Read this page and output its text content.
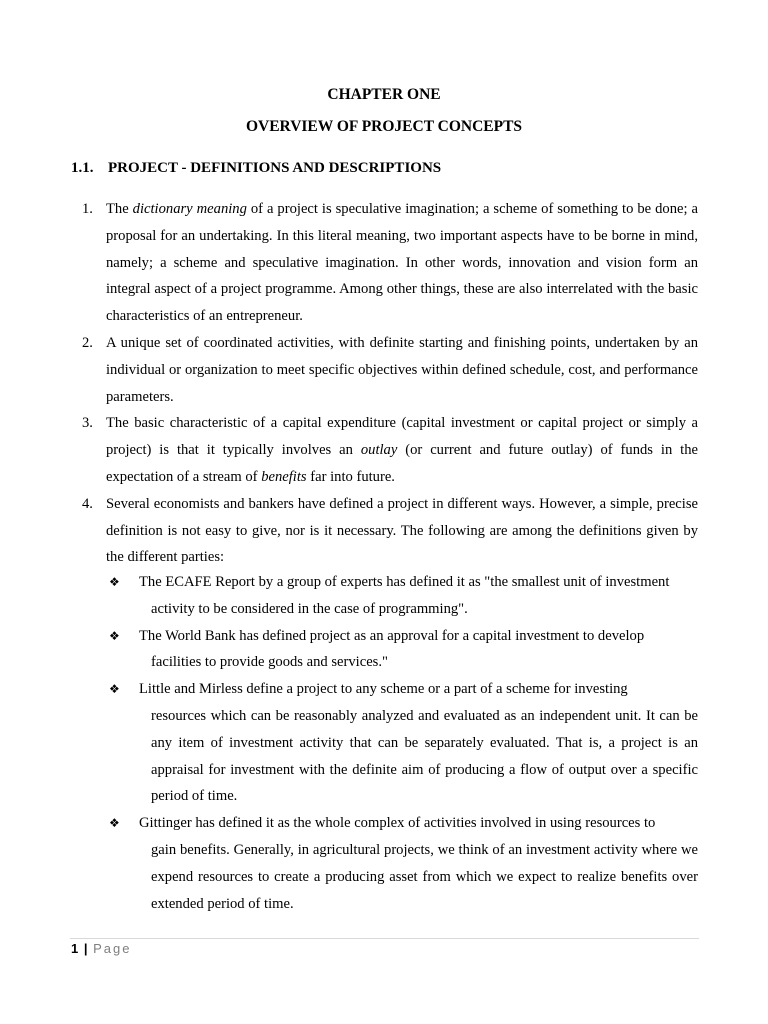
CHAPTER ONE
OVERVIEW OF PROJECT CONCEPTS
1.1. PROJECT - DEFINITIONS AND DESCRIPTIONS
1. The dictionary meaning of a project is speculative imagination; a scheme of something to be done; a proposal for an undertaking. In this literal meaning, two important aspects have to be borne in mind, namely; a scheme and speculative imagination. In other words, innovation and vision form an integral aspect of a project programme. Among other things, these are also interrelated with the basic characteristics of an entrepreneur.
2. A unique set of coordinated activities, with definite starting and finishing points, undertaken by an individual or organization to meet specific objectives within defined schedule, cost, and performance parameters.
3. The basic characteristic of a capital expenditure (capital investment or capital project or simply a project) is that it typically involves an outlay (or current and future outlay) of funds in the expectation of a stream of benefits far into future.
4. Several economists and bankers have defined a project in different ways. However, a simple, precise definition is not easy to give, nor is it necessary. The following are among the definitions given by the different parties:
❖ The ECAFE Report by a group of experts has defined it as "the smallest unit of investment
activity to be considered in the case of programming".
❖ The World Bank has defined project as an approval for a capital investment to develop
facilities to provide goods and services."
❖ Little and Mirless define a project to any scheme or a part of a scheme for investing
resources which can be reasonably analyzed and evaluated as an independent unit. It can be any item of investment activity that can be separately evaluated. That is, a project is an appraisal for investment with the definite aim of producing a flow of output over a specific period of time.
❖ Gittinger has defined it as the whole complex of activities involved in using resources to
gain benefits. Generally, in agricultural projects, we think of an investment activity where we expend resources to create a producing asset from which we expect to realize benefits over extended period of time.
1 | Page
